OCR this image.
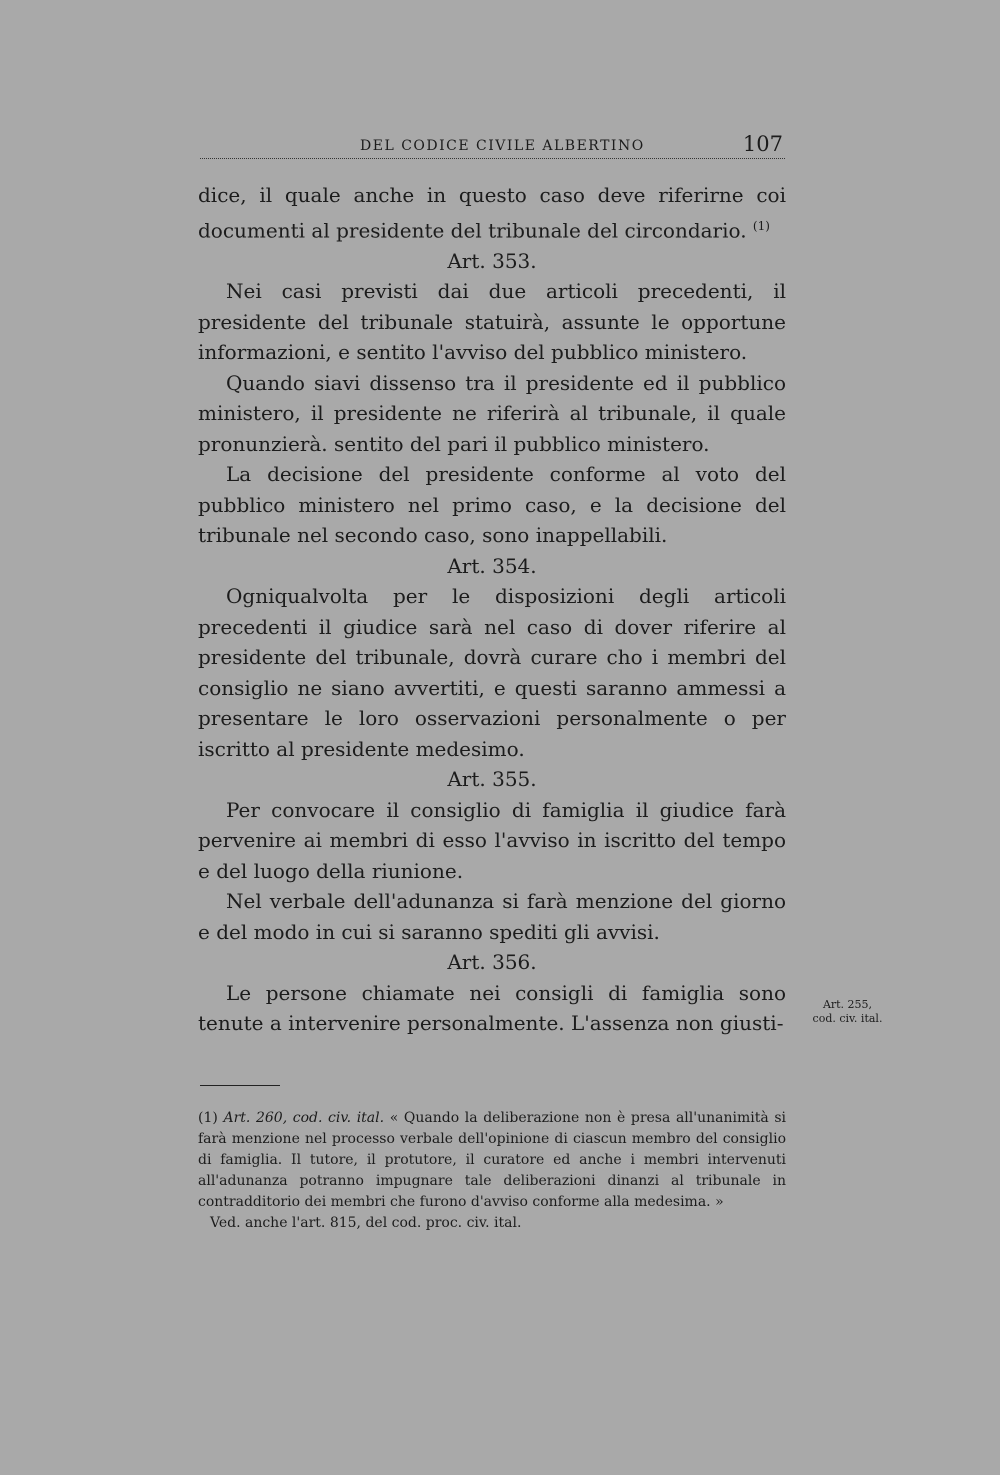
DEL CODICE CIVILE ALBERTINO	107

dice, il quale anche in questo caso deve riferirne coi documenti al presidente del tribunale del circondario. $^{(1)}$

Art. 353.

Nei casi previsti dai due articoli precedenti, il presidente del tribunale statuirà, assunte le opportune informazioni, e sentito l'avviso del pubblico ministero.

Quando siavi dissenso tra il presidente ed il pubblico ministero, il presidente ne riferirà al tribunale, il quale pronunzierà. sentito del pari il pubblico ministero.

La decisione del presidente conforme al voto del pubblico ministero nel primo caso, e la decisione del tribunale nel secondo caso, sono inappellabili.

Art. 354.

Ogniqualvolta per le disposizioni degli articoli precedenti il giudice sarà nel caso di dover riferire al presidente del tribunale, dovrà curare cho i membri del consiglio ne siano avvertiti, e questi saranno ammessi a presentare le loro osservazioni personalmente o per iscritto al presidente medesimo.

Art. 355.

Per convocare il consiglio di famiglia il giudice farà pervenire ai membri di esso l'avviso in iscritto del tempo e del luogo della riunione.

Nel verbale dell'adunanza si farà menzione del giorno e del modo in cui si saranno spediti gli avvisi.

Art. 356.

Le persone chiamate nei consigli di famiglia sono tenute a intervenire personalmente. L'assenza non giusti-

Art. 255,
cod. civ. ital.

(1) Art. 260, cod. civ. ital. « Quando la deliberazione non è presa all'unanimità si farà menzione nel processo verbale dell'opinione di ciascun membro del consiglio di famiglia. Il tutore, il protutore, il curatore ed anche i membri intervenuti all'adunanza potranno impugnare tale deliberazioni dinanzi al tribunale in contradditorio dei membri che furono d'avviso conforme alla medesima. »

Ved. anche l'art. 815, del cod. proc. civ. ital.
